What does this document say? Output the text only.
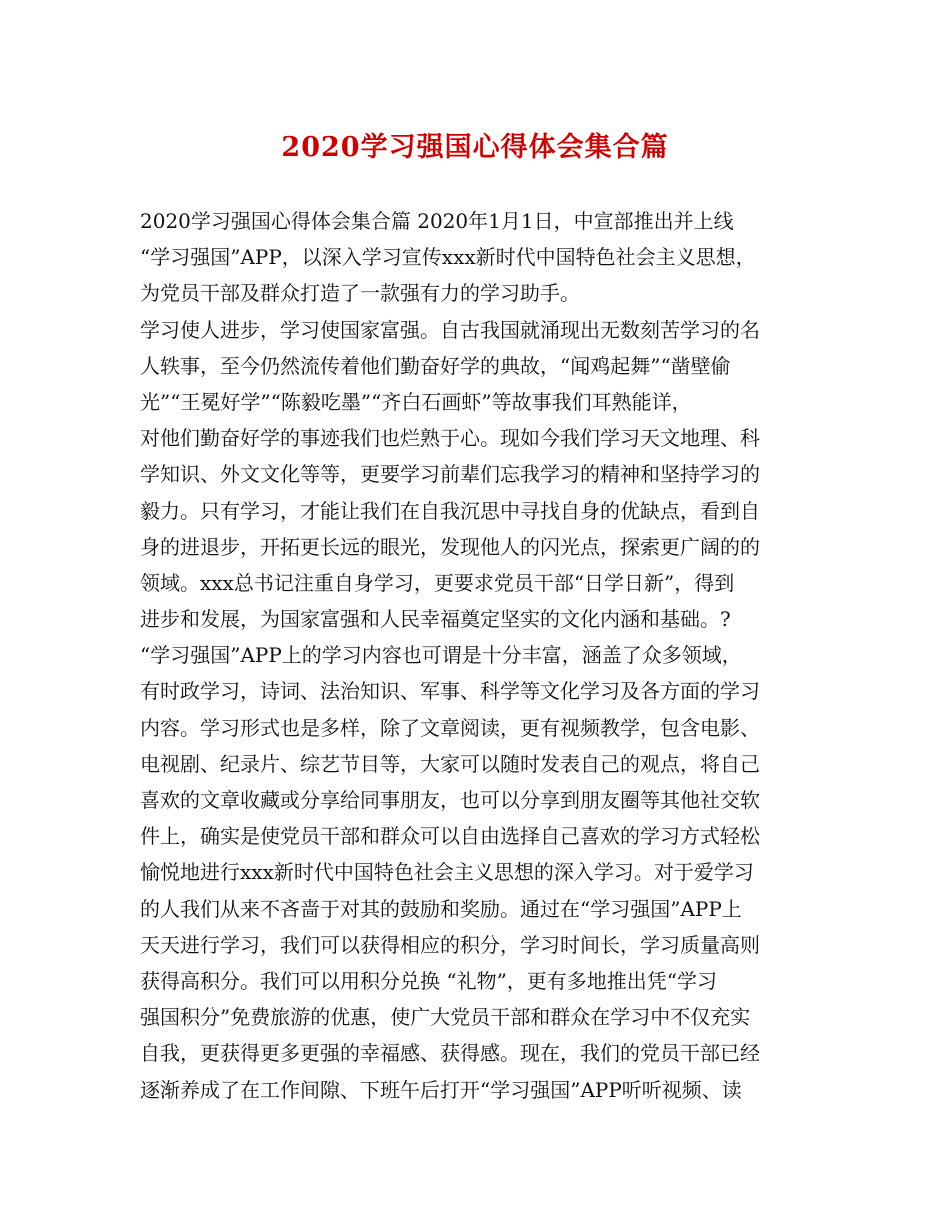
2020学习强国心得体会集合篇
2020学习强国心得体会集合篇 2020年1月1日，中宣部推出并上线
“学习强国”APP，以深入学习宣传xxx新时代中国特色社会主义思想，
为党员干部及群众打造了一款强有力的学习助手。
学习使人进步，学习使国家富强。自古我国就涌现出无数刻苦学习的名
人轶事，至今仍然流传着他们勤奋好学的典故，“闻鸡起舞”“凿壁偷
光”“王冕好学”“陈毅吃墨”“齐白石画虾”等故事我们耳熟能详，
对他们勤奋好学的事迹我们也烂熟于心。现如今我们学习天文地理、科
学知识、外文文化等等，更要学习前辈们忘我学习的精神和坚持学习的
毅力。只有学习，才能让我们在自我沉思中寻找自身的优缺点，看到自
身的进退步，开拓更长远的眼光，发现他人的闪光点，探索更广阔的的
领域。xxx总书记注重自身学习，更要求党员干部“日学日新”，得到
进步和发展，为国家富强和人民幸福奠定坚实的文化内涵和基础。?
“学习强国”APP上的学习内容也可谓是十分丰富，涵盖了众多领域，
有时政学习，诗词、法治知识、军事、科学等文化学习及各方面的学习
内容。学习形式也是多样，除了文章阅读，更有视频教学，包含电影、
电视剧、纪录片、综艺节目等，大家可以随时发表自己的观点，将自己
喜欢的文章收藏或分享给同事朋友，也可以分享到朋友圈等其他社交软
件上，确实是使党员干部和群众可以自由选择自己喜欢的学习方式轻松
愉悦地进行xxx新时代中国特色社会主义思想的深入学习。对于爱学习
的人我们从来不吝啬于对其的鼓励和奖励。通过在“学习强国”APP上
天天进行学习，我们可以获得相应的积分，学习时间长，学习质量高则
获得高积分。我们可以用积分兑换 “礼物”，更有多地推出凭“学习
强国积分”免费旅游的优惠，使广大党员干部和群众在学习中不仅充实
自我，更获得更多更强的幸福感、获得感。现在，我们的党员干部已经
逐渐养成了在工作间隙、下班午后打开“学习强国”APP听听视频、读
